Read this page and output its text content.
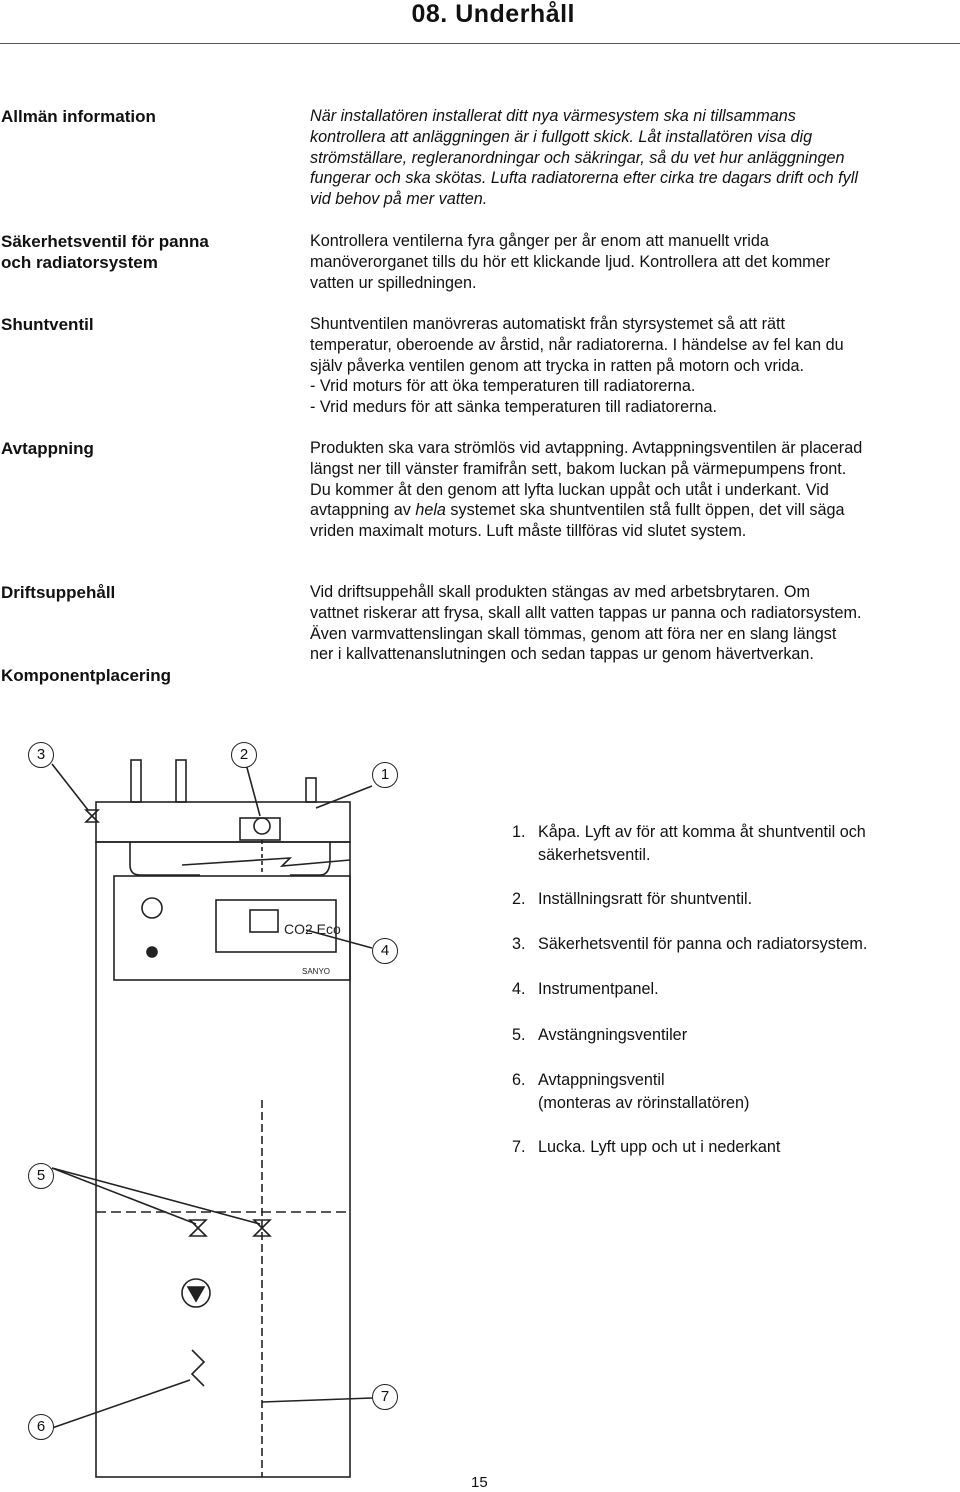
08. Underhåll
Allmän information	När installatören installerat ditt nya värmesystem ska ni tillsammans
kontrollera att anläggningen är i fullgott skick. Låt installatören visa dig
strömställare, regleranordningar och säkringar, så du vet hur anläggningen
fungerar och ska skötas. Lufta radiatorerna efter cirka tre dagars drift och fyll
vid behov på mer vatten.
Säkerhetsventil för panna
och radiatorsystem
Kontrollera ventilerna fyra gånger per år enom att manuellt vrida
manöverorganet tills du hör ett klickande ljud. Kontrollera att det kommer
vatten ur spilledningen.
Shuntventil	Shuntventilen manövreras automatiskt från styrsystemet så att rätt
temperatur, oberoende av årstid, når radiatorerna. I händelse av fel kan du
själv påverka ventilen genom att trycka in ratten på motorn och vrida.
- Vrid moturs för att öka temperaturen till radiatorerna.
- Vrid medurs för att sänka temperaturen till radiatorerna.
Avtappning	Produkten ska vara strömlös vid avtappning. Avtappningsventilen är placerad
längst ner till vänster framifrån sett, bakom luckan på värmepumpens front.
Du kommer åt den genom att lyfta luckan uppåt och utåt i underkant. Vid
avtappning av hela systemet ska shuntventilen stå fullt öppen, det vill säga
vriden maximalt moturs. Luft måste tillföras vid slutet system.
Driftsuppehåll	Vid driftsuppehåll skall produkten stängas av med arbetsbrytaren. Om
vattnet riskerar att frysa, skall allt vatten tappas ur panna och radiatorsystem.
Även varmvattenslingan skall tömmas, genom att föra ner en slang längst
ner i kallvattenanslutningen och sedan tappas ur genom hävertverkan.
Komponentplacering
CO2 Eco
SANYO
3	2
1
4
5
7
6
1. Kåpa. Lyft av för att komma åt shuntventil och
säkerhetsventil.
2. Inställningsratt för shuntventil.
3. Säkerhetsventil för panna och radiatorsystem.
4. Instrumentpanel.
5. Avstängningsventiler
6. Avtappningsventil
(monteras av rörinstallatören)
7. Lucka. Lyft upp och ut i nederkant
15
